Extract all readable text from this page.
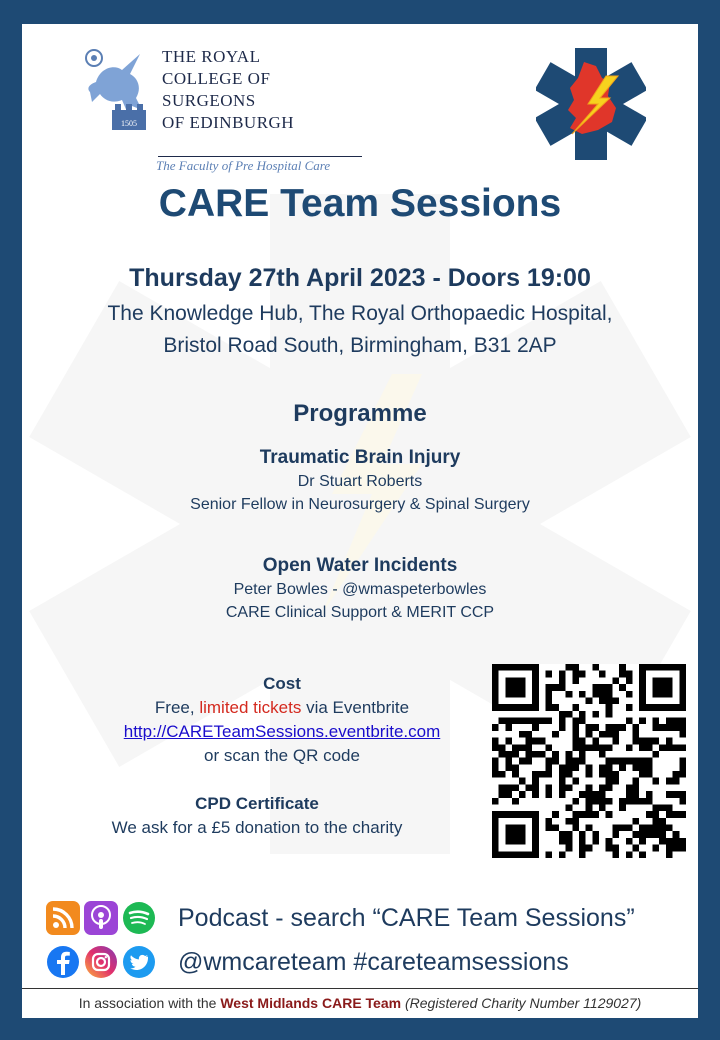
1505
THE ROYAL
COLLEGE OF
SURGEONS
OF EDINBURGH
The Faculty of Pre Hospital Care
CARE Team Sessions
Thursday 27th April 2023 - Doors 19:00
The Knowledge Hub, The Royal Orthopaedic Hospital,
Bristol Road South, Birmingham, B31 2AP
Programme
Traumatic Brain Injury
Dr Stuart Roberts
Senior Fellow in Neurosurgery & Spinal Surgery
Open Water Incidents
Peter Bowles - @wmaspeterbowles
CARE Clinical Support & MERIT CCP
Cost
Free, limited tickets via Eventbrite
http://CARETeamSessions.eventbrite.com
or scan the QR code
CPD Certificate
We ask for a £5 donation to the charity
Podcast - search “CARE Team Sessions”
@wmcareteam #careteamsessions
In association with the West Midlands CARE Team (Registered Charity Number 1129027)
